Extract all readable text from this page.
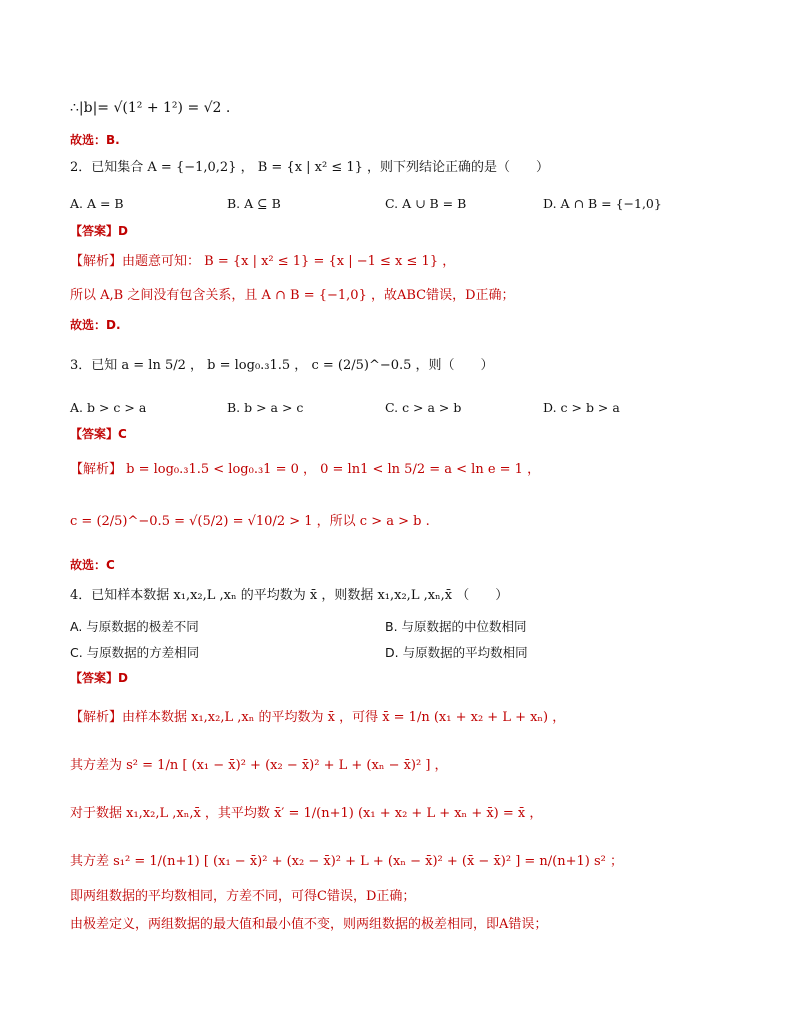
∴|b|= √(1² + 1²) = √2 .
故选：B.
2．已知集合 A = {−1,0,2} ， B = {x | x² ≤ 1} ，则下列结论正确的是（　　）
A. A = B	B. A ⊆ B	C. A ∪ B = B	D. A ∩ B = {−1,0}
【答案】D
【解析】由题意可知： B = {x | x² ≤ 1} = {x | −1 ≤ x ≤ 1} ，
所以 A,B 之间没有包含关系，且 A ∩ B = {−1,0} ，故ABC错误，D正确；
故选：D.
3．已知 a = ln 5/2 ， b = log₀.₃1.5 ， c = (2/5)^−0.5 ，则（　　）
A. b > c > a	B. b > a > c	C. c > a > b	D. c > b > a
【答案】C
【解析】 b = log₀.₃1.5 < log₀.₃1 = 0 ， 0 = ln1 < ln 5/2 = a < ln e = 1 ，
c = (2/5)^−0.5 = √(5/2) = √10/2 > 1 ，所以 c > a > b .
故选：C
4．已知样本数据 x₁,x₂,L ,xₙ 的平均数为 x̄ ，则数据 x₁,x₂,L ,xₙ,x̄ （　　）
A. 与原数据的极差不同	B. 与原数据的中位数相同
C. 与原数据的方差相同	D. 与原数据的平均数相同
【答案】D
【解析】由样本数据 x₁,x₂,L ,xₙ 的平均数为 x̄ ，可得 x̄ = 1/n (x₁ + x₂ + L + xₙ) ，
其方差为 s² = 1/n [ (x₁ − x̄)² + (x₂ − x̄)² + L + (xₙ − x̄)² ] ，
对于数据 x₁,x₂,L ,xₙ,x̄ ，其平均数 x̄′ = 1/(n+1) (x₁ + x₂ + L + xₙ + x̄) = x̄ ，
其方差 s₁² = 1/(n+1) [ (x₁ − x̄)² + (x₂ − x̄)² + L + (xₙ − x̄)² + (x̄ − x̄)² ] = n/(n+1) s² ；
即两组数据的平均数相同，方差不同，可得C错误，D正确；
由极差定义，两组数据的最大值和最小值不变，则两组数据的极差相同，即A错误；
